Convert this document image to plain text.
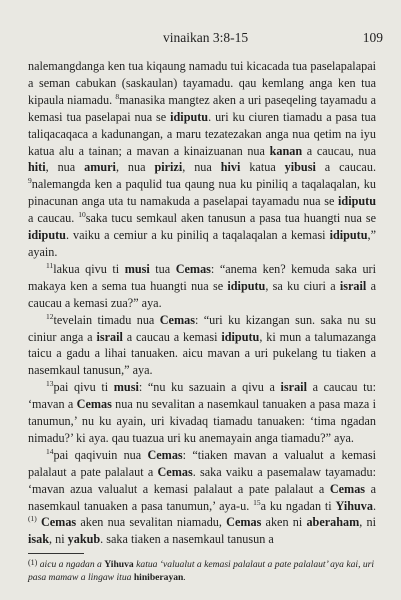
vinaikan 3:8-15	109

nalemangdanga ken tua kiqaung namadu tui kicacada tua paselapalapai a seman cabukan (saskaulan) tayamadu. qau kemlang anga ken tua kipaula niamadu. $^8$manasika mangtez aken a uri paseqeling tayamadu a kemasi tua paselapai nua se idiputu. uri ku ciuren tiamadu a pasa tua taliqacaqaca a kadunangan, a maru tezatezakan anga nua qetim na iyu katua alu a tainan; a mavan a kinaizuanan nua kanan a caucau, nua hiti, nua amuri, nua pirizi, nua hivi katua yibusi a caucau. $^9$nalemangda ken a paqulid tua qaung nua ku piniliq a taqalaqalan, ku pinacunan anga uta tu namakuda a paselapai tayamadu nua se idiputu a caucau. $^{10}$saka tucu semkaul aken tanusun a pasa tua huangti nua se idiputu. vaiku a cemiur a ku piniliq a taqalaqalan a kemasi idiputu,” ayain.

$^{11}$lakua qivu ti musi tua Cemas: “anema ken? kemuda saka uri makaya ken a sema tua huangti nua se idiputu, sa ku ciuri a israil a caucau a kemasi zua?” aya.

$^{12}$tevelain timadu nua Cemas: “uri ku kizangan sun. saka nu su ciniur anga a israil a caucau a kemasi idiputu, ki mun a talumazanga taicu a gadu a lihai tanuaken. aicu mavan a uri pukelang tu tiaken a nasemkaul tanusun,” aya.

$^{13}$pai qivu ti musi: “nu ku sazuain a qivu a israil a caucau tu: ‘mavan a Cemas nua nu sevalitan a nasemkaul tanuaken a pasa maza i tanumun,’ nu ku ayain, uri kivadaq tiamadu tanuaken: ‘tima ngadan nimadu?’ ki aya. qau tuazua uri ku anemayain anga tiamadu?” aya.

$^{14}$pai qaqivuin nua Cemas: “tiaken mavan a valualut a kemasi palalaut a pate palalaut a Cemas. saka vaiku a pasemalaw tayamadu: ‘mavan azua valualut a kemasi palalaut a pate palalaut a Cemas a nasemkaul tanuaken a pasa tanumun,’ aya-u. $^{15}$a ku ngadan ti Yihuva.$^{(1)}$ Cemas aken nua sevalitan niamadu, Cemas aken ni aberaham, ni isak, ni yakub. saka tiaken a nasemkaul tanusun a

$^{(1)}$ aicu a ngadan a Yihuva katua ‘valualut a kemasi palalaut a pate palalaut’ aya kai, uri pasa mamaw a lingaw itua hiniberayan.
